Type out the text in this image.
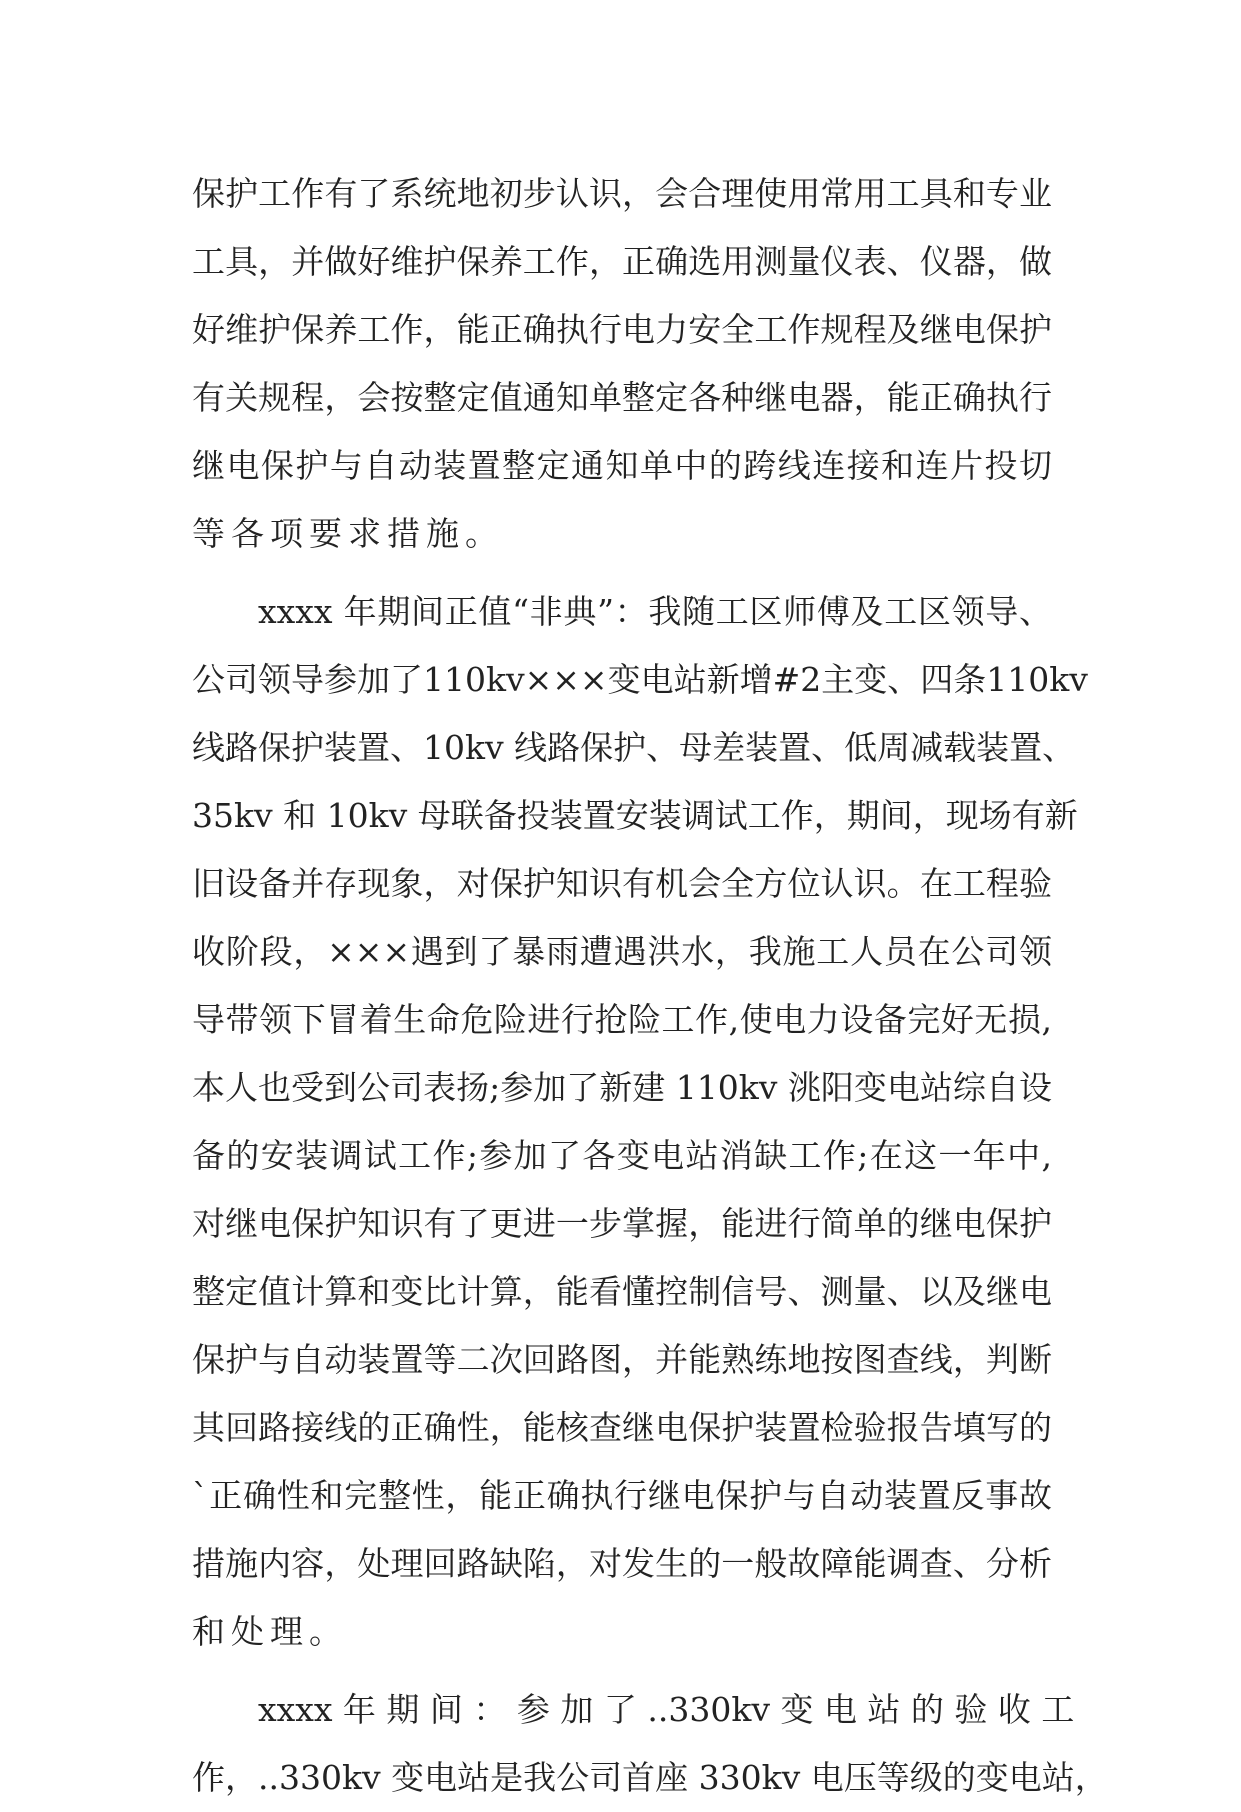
保护工作有了系统地初步认识，会合理使用常用工具和专业
工具，并做好维护保养工作，正确选用测量仪表、仪器，做
好维护保养工作，能正确执行电力安全工作规程及继电保护
有关规程，会按整定值通知单整定各种继电器，能正确执行
继电保护与自动装置整定通知单中的跨线连接和连片投切
等各项要求措施。
xxxx 年期间正值“非典”：我随工区师傅及工区领导、
公司领导参加了110kv×××变电站新增#2主变、四条110kv
线路保护装置、10kv 线路保护、母差装置、低周减载装置、
35kv 和 10kv 母联备投装置安装调试工作，期间，现场有新
旧设备并存现象，对保护知识有机会全方位认识。在工程验
收阶段，×××遇到了暴雨遭遇洪水，我施工人员在公司领
导带领下冒着生命危险进行抢险工作,使电力设备完好无损,
本人也受到公司表扬;参加了新建 110kv 洮阳变电站综自设
备的安装调试工作;参加了各变电站消缺工作;在这一年中,
对继电保护知识有了更进一步掌握，能进行简单的继电保护
整定值计算和变比计算，能看懂控制信号、测量、以及继电
保护与自动装置等二次回路图，并能熟练地按图查线，判断
其回路接线的正确性，能核查继电保护装置检验报告填写的
`正确性和完整性，能正确执行继电保护与自动装置反事故
措施内容，处理回路缺陷，对发生的一般故障能调查、分析
和处理。
xxxx 年 期 间 ： 参 加 了 ..330kv 变 电 站 的 验 收 工
作，..330kv 变电站是我公司首座 330kv 电压等级的变电站，
